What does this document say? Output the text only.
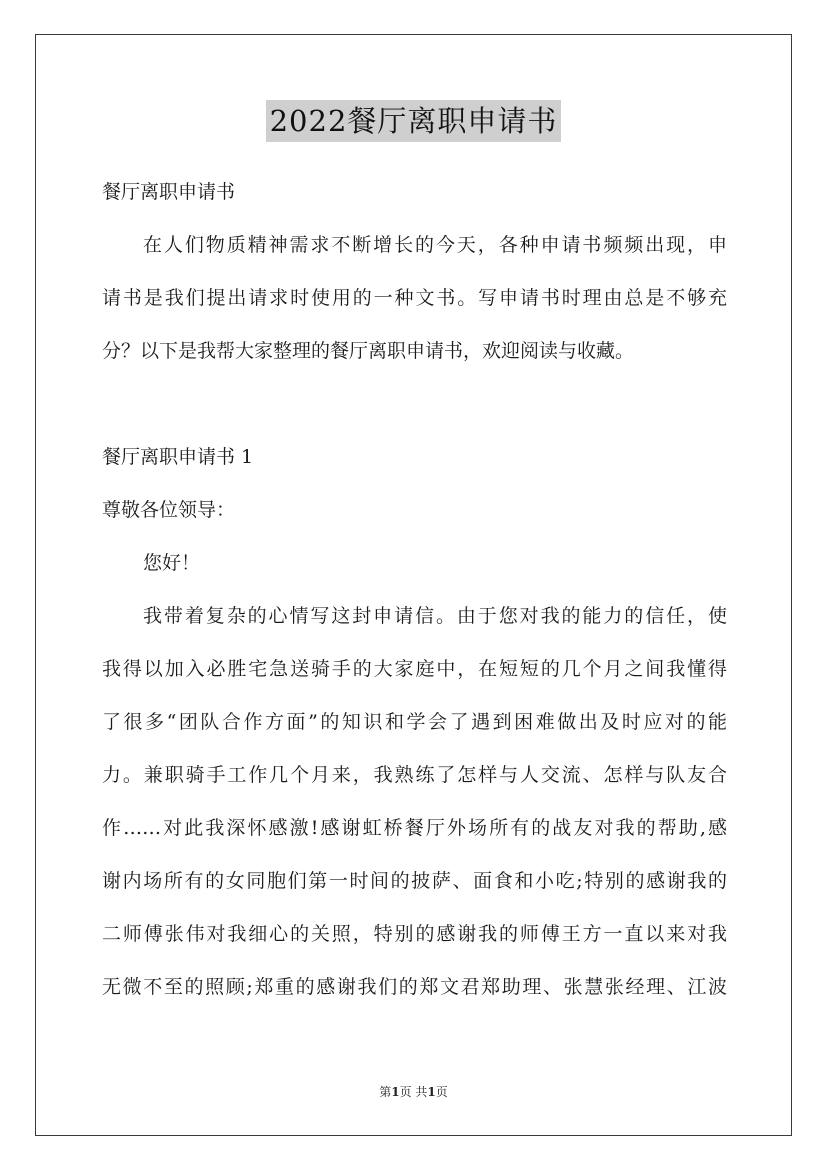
2022餐厅离职申请书
餐厅离职申请书
在人们物质精神需求不断增长的今天，各种申请书频频出现，申
请书是我们提出请求时使用的一种文书。写申请书时理由总是不够充
分？以下是我帮大家整理的餐厅离职申请书，欢迎阅读与收藏。
餐厅离职申请书 1
尊敬各位领导：
您好！
我带着复杂的心情写这封申请信。由于您对我的能力的信任，使
我得以加入必胜宅急送骑手的大家庭中，在短短的几个月之间我懂得
了很多“团队合作方面”的知识和学会了遇到困难做出及时应对的能
力。兼职骑手工作几个月来，我熟练了怎样与人交流、怎样与队友合
作……对此我深怀感激!感谢虹桥餐厅外场所有的战友对我的帮助,感
谢内场所有的女同胞们第一时间的披萨、面食和小吃;特别的感谢我的
二师傅张伟对我细心的关照，特别的感谢我的师傅王方一直以来对我
无微不至的照顾;郑重的感谢我们的郑文君郑助理、张慧张经理、江波
第1页 共1页
